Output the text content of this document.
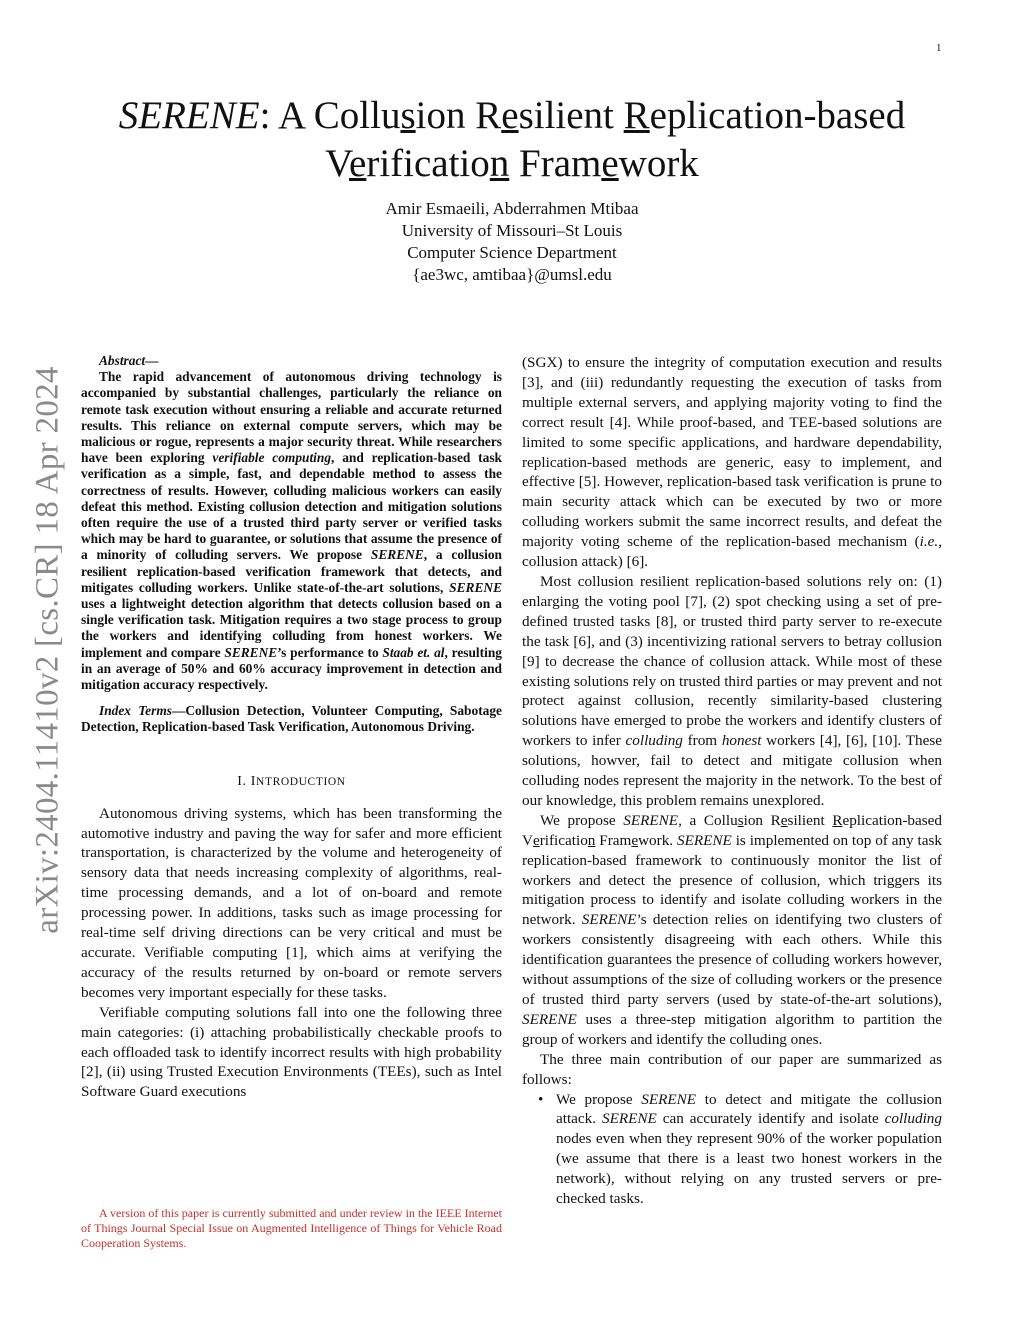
1
arXiv:2404.11410v2 [cs.CR] 18 Apr 2024
SERENE: A Collusion Resilient Replication-based
Verification Framework
Amir Esmaeili, Abderrahmen Mtibaa
University of Missouri–St Louis
Computer Science Department
{ae3wc, amtibaa}@umsl.edu
Abstract—
The rapid advancement of autonomous driving technology is accompanied by substantial challenges, particularly the reliance on remote task execution without ensuring a reliable and accurate returned results. This reliance on external compute servers, which may be malicious or rogue, represents a major security threat. While researchers have been exploring verifiable computing, and replication-based task verification as a simple, fast, and dependable method to assess the correctness of results. However, colluding malicious workers can easily defeat this method. Existing collusion detection and mitigation solutions often require the use of a trusted third party server or verified tasks which may be hard to guarantee, or solutions that assume the presence of a minority of colluding servers. We propose SERENE, a collusion resilient replication-based verification framework that detects, and mitigates colluding workers. Unlike state-of-the-art solutions, SERENE uses a lightweight detection algorithm that detects collusion based on a single verification task. Mitigation requires a two stage process to group the workers and identifying colluding from honest workers. We implement and compare SERENE’s performance to Staab et. al, resulting in an average of 50% and 60% accuracy improvement in detection and mitigation accuracy respectively.
Index Terms—Collusion Detection, Volunteer Computing, Sabotage Detection, Replication-based Task Verification, Autonomous Driving.
I. INTRODUCTION

Autonomous driving systems, which has been transforming the automotive industry and paving the way for safer and more efficient transportation, is characterized by the volume and heterogeneity of sensory data that needs increasing complexity of algorithms, real-time processing demands, and a lot of on-board and remote processing power. In additions, tasks such as image processing for real-time self driving directions can be very critical and must be accurate. Verifiable computing [1], which aims at verifying the accuracy of the results returned by on-board or remote servers becomes very important especially for these tasks.

Verifiable computing solutions fall into one the following three main categories: (i) attaching probabilistically checkable proofs to each offloaded task to identify incorrect results with high probability [2], (ii) using Trusted Execution Environments (TEEs), such as Intel Software Guard executions

A version of this paper is currently submitted and under review in the IEEE Internet of Things Journal Special Issue on Augmented Intelligence of Things for Vehicle Road Cooperation Systems.

(SGX) to ensure the integrity of computation execution and results [3], and (iii) redundantly requesting the execution of tasks from multiple external servers, and applying majority voting to find the correct result [4]. While proof-based, and TEE-based solutions are limited to some specific applications, and hardware dependability, replication-based methods are generic, easy to implement, and effective [5]. However, replication-based task verification is prune to main security attack which can be executed by two or more colluding workers submit the same incorrect results, and defeat the majority voting scheme of the replication-based mechanism (i.e., collusion attack) [6].

Most collusion resilient replication-based solutions rely on: (1) enlarging the voting pool [7], (2) spot checking using a set of pre-defined trusted tasks [8], or trusted third party server to re-execute the task [6], and (3) incentivizing rational servers to betray collusion [9] to decrease the chance of collusion attack. While most of these existing solutions rely on trusted third parties or may prevent and not protect against collusion, recently similarity-based clustering solutions have emerged to probe the workers and identify clusters of workers to infer colluding from honest workers [4], [6], [10]. These solutions, howver, fail to detect and mitigate collusion when colluding nodes represent the majority in the network. To the best of our knowledge, this problem remains unexplored.

We propose SERENE, a Collusion Resilient Replication-based Verification Framework. SERENE is implemented on top of any task replication-based framework to continuously monitor the list of workers and detect the presence of collusion, which triggers its mitigation process to identify and isolate colluding workers in the network. SERENE’s detection relies on identifying two clusters of workers consistently disagreeing with each others. While this identification guarantees the presence of colluding workers however, without assumptions of the size of colluding workers or the presence of trusted third party servers (used by state-of-the-art solutions), SERENE uses a three-step mitigation algorithm to partition the group of workers and identify the colluding ones.

The three main contribution of our paper are summarized as follows:

• We propose SERENE to detect and mitigate the collusion attack. SERENE can accurately identify and isolate colluding nodes even when they represent 90% of the worker population (we assume that there is a least two honest workers in the network), without relying on any trusted servers or pre-checked tasks.
